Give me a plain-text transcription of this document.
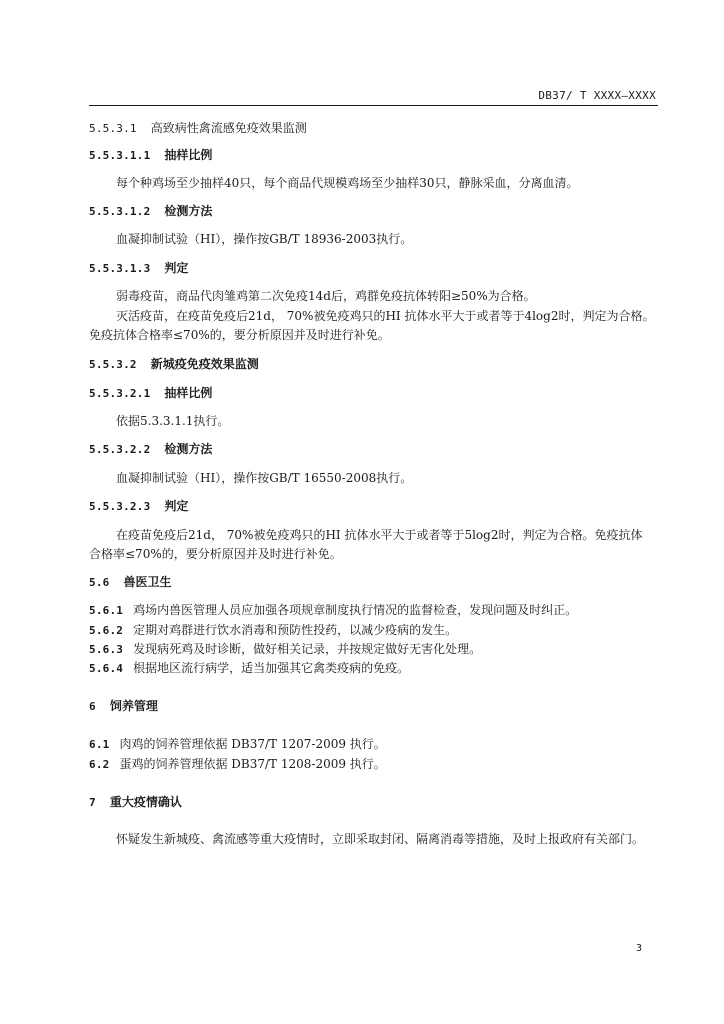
DB37/ T XXXX—XXXX
5.5.3.1 高致病性禽流感免疫效果监测
5.5.3.1.1 抽样比例
每个种鸡场至少抽样40只，每个商品代规模鸡场至少抽样30只，静脉采血，分离血清。
5.5.3.1.2 检测方法
血凝抑制试验（HI），操作按GB/T 18936-2003执行。
5.5.3.1.3 判定
弱毒疫苗，商品代肉雏鸡第二次免疫14d后，鸡群免疫抗体转阳≥50%为合格。
灭活疫苗，在疫苗免疫后21d， 70%被免疫鸡只的HI 抗体水平大于或者等于4log2时，判定为合格。
免疫抗体合格率≤70%的，要分析原因并及时进行补免。
5.5.3.2 新城疫免疫效果监测
5.5.3.2.1 抽样比例
依据5.3.3.1.1执行。
5.5.3.2.2 检测方法
血凝抑制试验（HI），操作按GB/T 16550-2008执行。
5.5.3.2.3 判定
在疫苗免疫后21d， 70%被免疫鸡只的HI 抗体水平大于或者等于5log2时，判定为合格。免疫抗体
合格率≤70%的，要分析原因并及时进行补免。
5.6 兽医卫生
5.6.1 鸡场内兽医管理人员应加强各项规章制度执行情况的监督检查，发现问题及时纠正。
5.6.2 定期对鸡群进行饮水消毒和预防性投药，以减少疫病的发生。
5.6.3 发现病死鸡及时诊断，做好相关记录，并按规定做好无害化处理。
5.6.4 根据地区流行病学，适当加强其它禽类疫病的免疫。
6 饲养管理
6.1 肉鸡的饲养管理依据 DB37/T 1207-2009 执行。
6.2 蛋鸡的饲养管理依据 DB37/T 1208-2009 执行。
7 重大疫情确认
怀疑发生新城疫、禽流感等重大疫情时，立即采取封闭、隔离消毒等措施，及时上报政府有关部门。
3
